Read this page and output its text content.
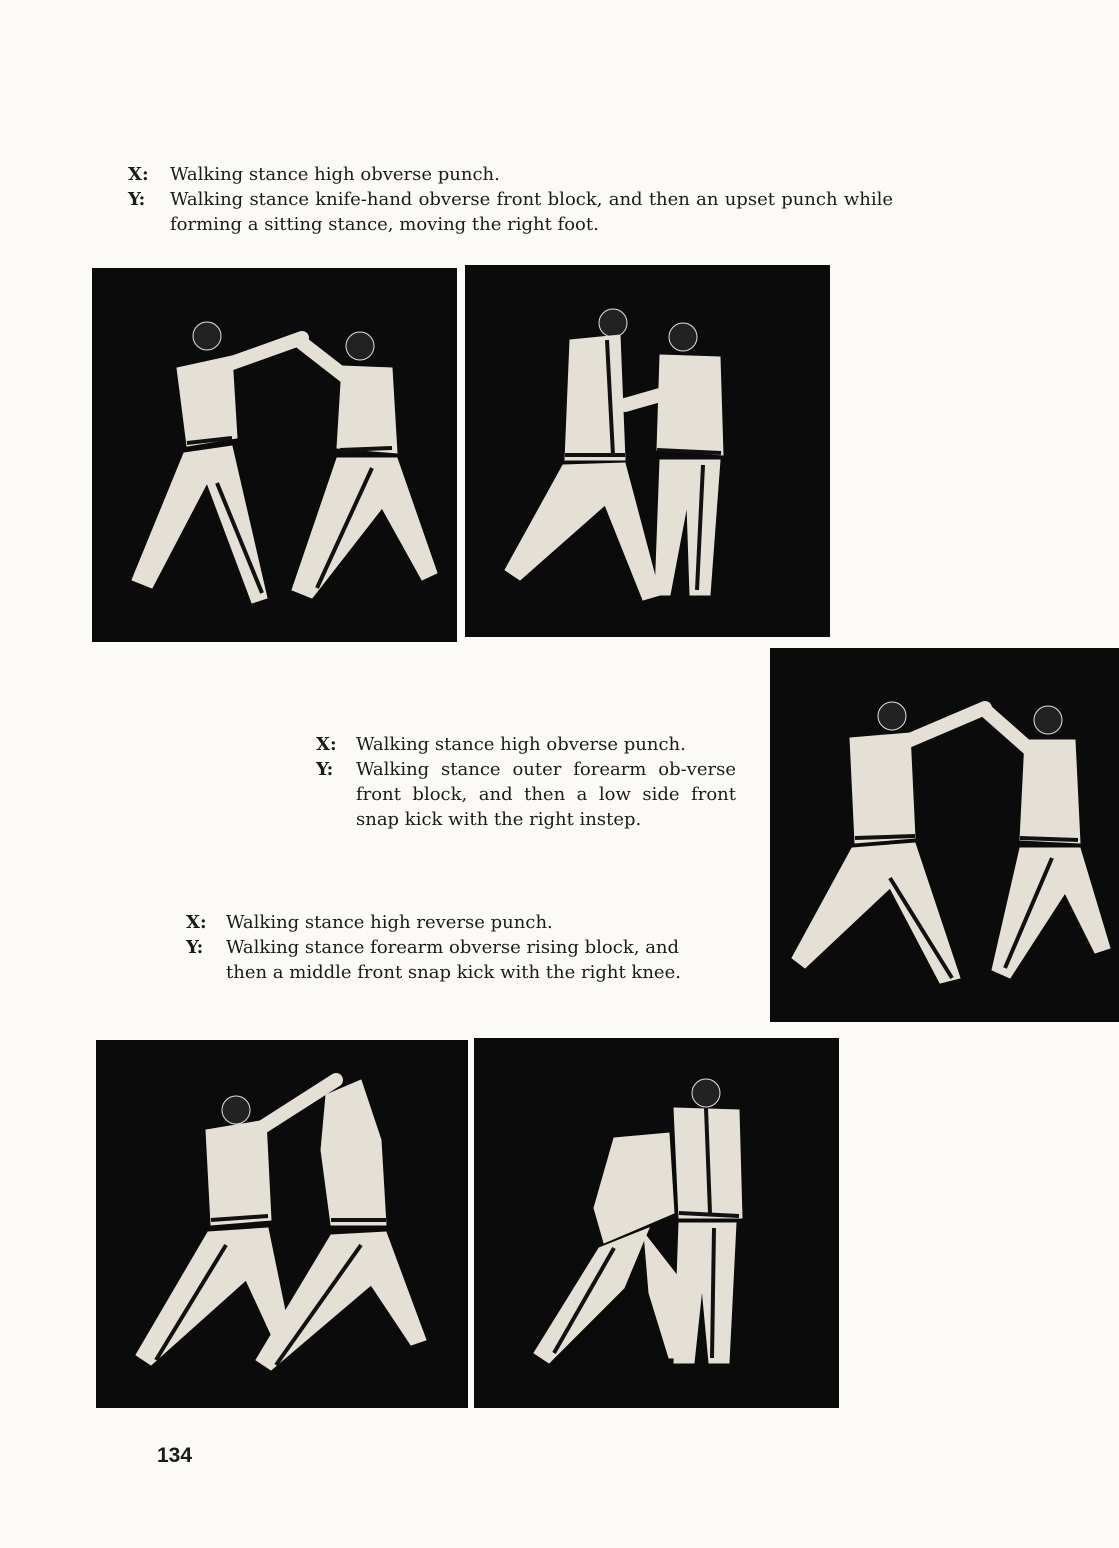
X:	Walking stance high obverse punch.
Y:	Walking stance knife-hand obverse front block, and then an upset punch while forming a sitting stance, moving the right foot.
X:	Walking stance high obverse punch.
Y:	Walking stance outer forearm ob-verse front block, and then a low side front snap kick with the right instep.
X:	Walking stance high reverse punch.
Y:	Walking stance forearm obverse rising block, and then a middle front snap kick with the right knee.
134
